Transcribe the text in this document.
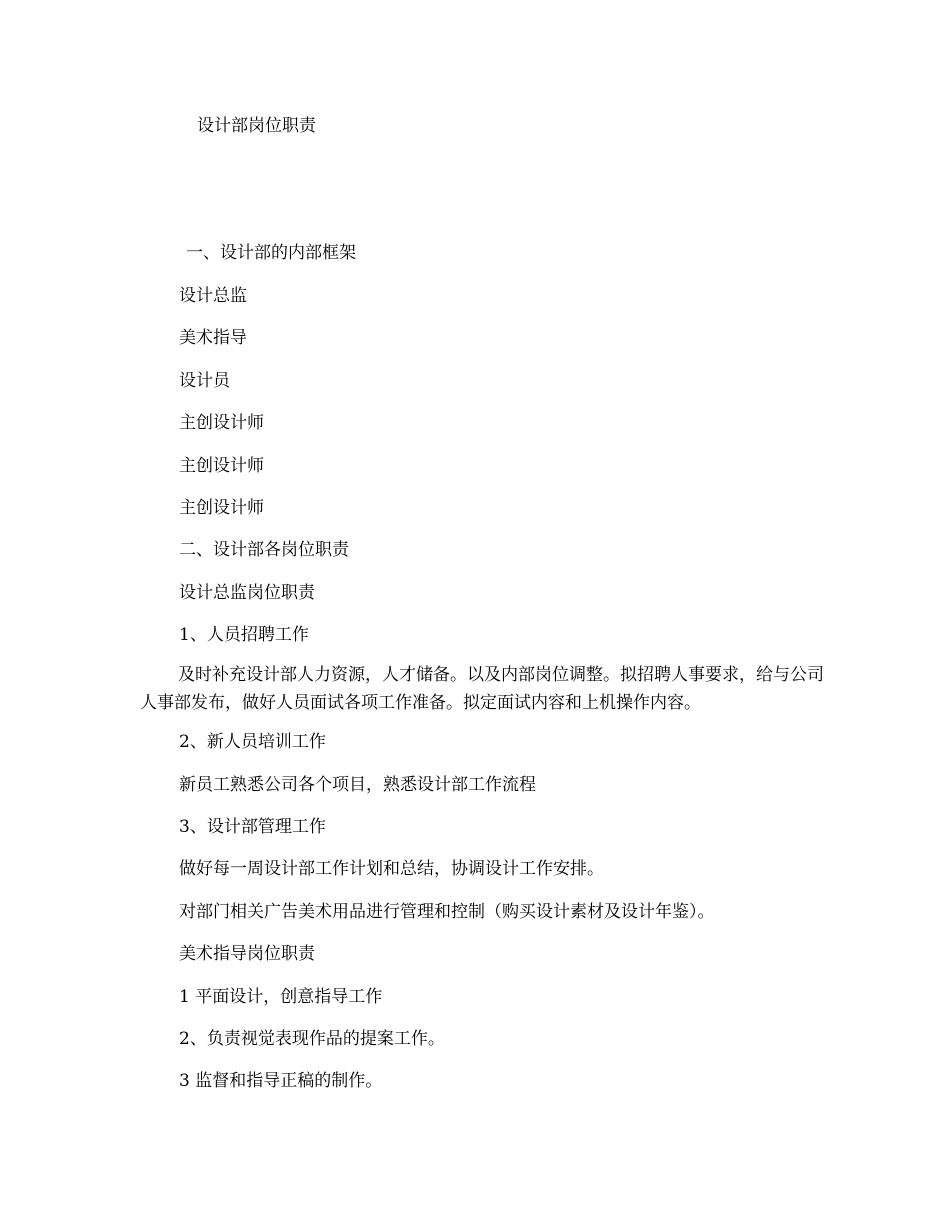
设计部岗位职责
一、设计部的内部框架
设计总监
美术指导
设计员
主创设计师
主创设计师
主创设计师
二、设计部各岗位职责
设计总监岗位职责
1、人员招聘工作
及时补充设计部人力资源，人才储备。以及内部岗位调整。拟招聘人事要求，给与公司人事部发布，做好人员面试各项工作准备。拟定面试内容和上机操作内容。
2、新人员培训工作
新员工熟悉公司各个项目，熟悉设计部工作流程
3、设计部管理工作
做好每一周设计部工作计划和总结，协调设计工作安排。
对部门相关广告美术用品进行管理和控制（购买设计素材及设计年鉴）。
美术指导岗位职责
1 平面设计，创意指导工作
2、负责视觉表现作品的提案工作。
3 监督和指导正稿的制作。
